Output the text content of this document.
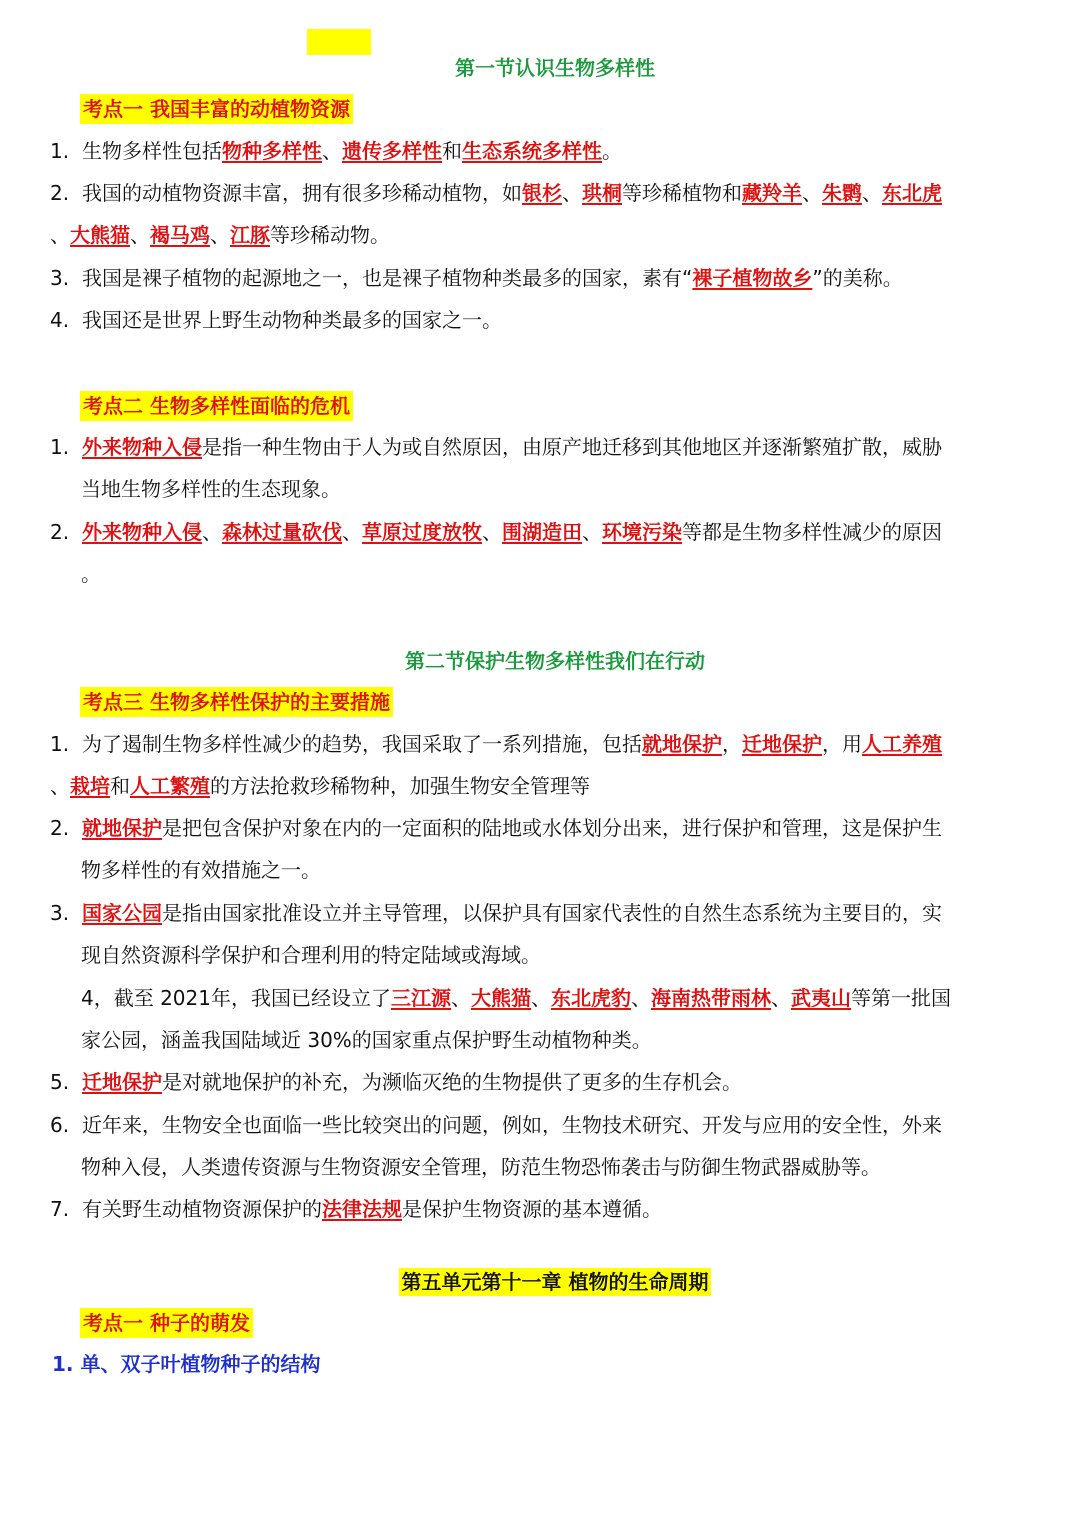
第一节认识生物多样性
考点一 我国丰富的动植物资源
1. 生物多样性包括物种多样性、遗传多样性和生态系统多样性。
2. 我国的动植物资源丰富，拥有很多珍稀动植物，如银杉、珙桐等珍稀植物和藏羚羊、朱鹮、东北虎
、大熊猫、褐马鸡、江豚等珍稀动物。
3. 我国是裸子植物的起源地之一，也是裸子植物种类最多的国家，素有“裸子植物故乡”的美称。
4. 我国还是世界上野生动物种类最多的国家之一。
考点二 生物多样性面临的危机
1. 外来物种入侵是指一种生物由于人为或自然原因，由原产地迁移到其他地区并逐渐繁殖扩散，威胁
当地生物多样性的生态现象。
2. 外来物种入侵、森林过量砍伐、草原过度放牧、围湖造田、环境污染等都是生物多样性减少的原因
。
第二节保护生物多样性我们在行动
考点三 生物多样性保护的主要措施
1. 为了遏制生物多样性减少的趋势，我国采取了一系列措施，包括就地保护，迁地保护，用人工养殖
、栽培和人工繁殖的方法抢救珍稀物种，加强生物安全管理等
2. 就地保护是把包含保护对象在内的一定面积的陆地或水体划分出来，进行保护和管理，这是保护生
物多样性的有效措施之一。
3. 国家公园是指由国家批准设立并主导管理，以保护具有国家代表性的自然生态系统为主要目的，实
现自然资源科学保护和合理利用的特定陆域或海域。
4，截至 2021年，我国已经设立了三江源、大熊猫、东北虎豹、海南热带雨林、武夷山等第一批国
家公园，涵盖我国陆域近 30%的国家重点保护野生动植物种类。
5. 迁地保护是对就地保护的补充，为濒临灭绝的生物提供了更多的生存机会。
6. 近年来，生物安全也面临一些比较突出的问题，例如，生物技术研究、开发与应用的安全性，外来
物种入侵，人类遗传资源与生物资源安全管理，防范生物恐怖袭击与防御生物武器威胁等。
7. 有关野生动植物资源保护的法律法规是保护生物资源的基本遵循。
第五单元第十一章 植物的生命周期
考点一 种子的萌发
1. 单、双子叶植物种子的结构
